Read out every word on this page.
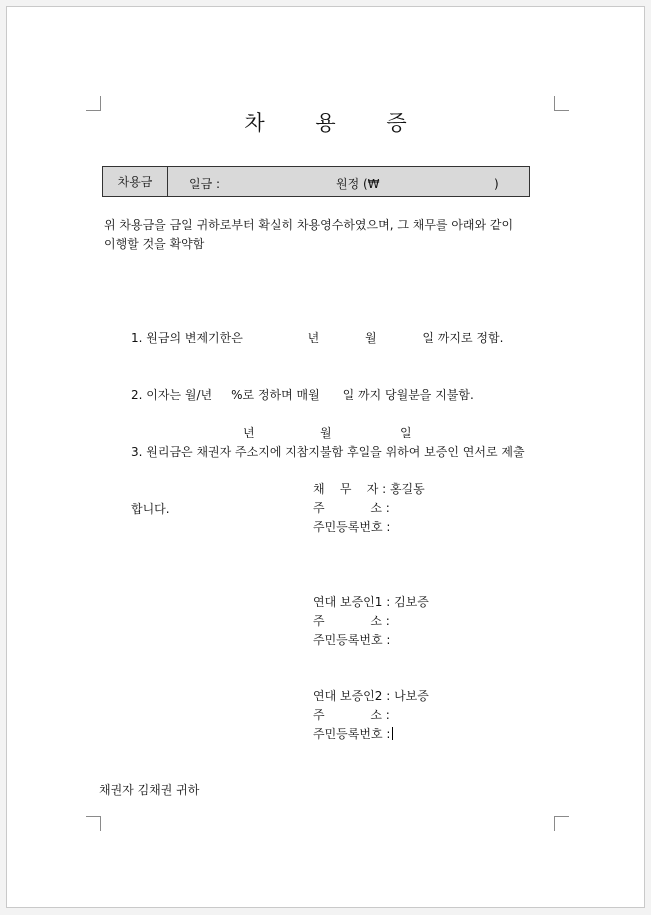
차 용 증
차용금	일금 :	원정 (₩                              )
위 차용금을 금일 귀하로부터 확실히 차용영수하였으며, 그 채무를 아래와 같이
이행할 것을 확약함

1. 원금의 변제기한은                 년            월            일 까지로 정함.

2. 이자는 월/년     %로 정하며 매월      일 까지 당월분을 지불함.

3. 원리금은 채권자 주소지에 지참지불함 후일을 위하여 보증인 연서로 제출

합니다.

년	월	일
채    무    자 : 홍길동
주            소 :
주민등록번호 :
연대 보증인1 : 김보증
주            소 :
주민등록번호 :
연대 보증인2 : 나보증
주            소 :
주민등록번호 :
채권자 김채권 귀하
